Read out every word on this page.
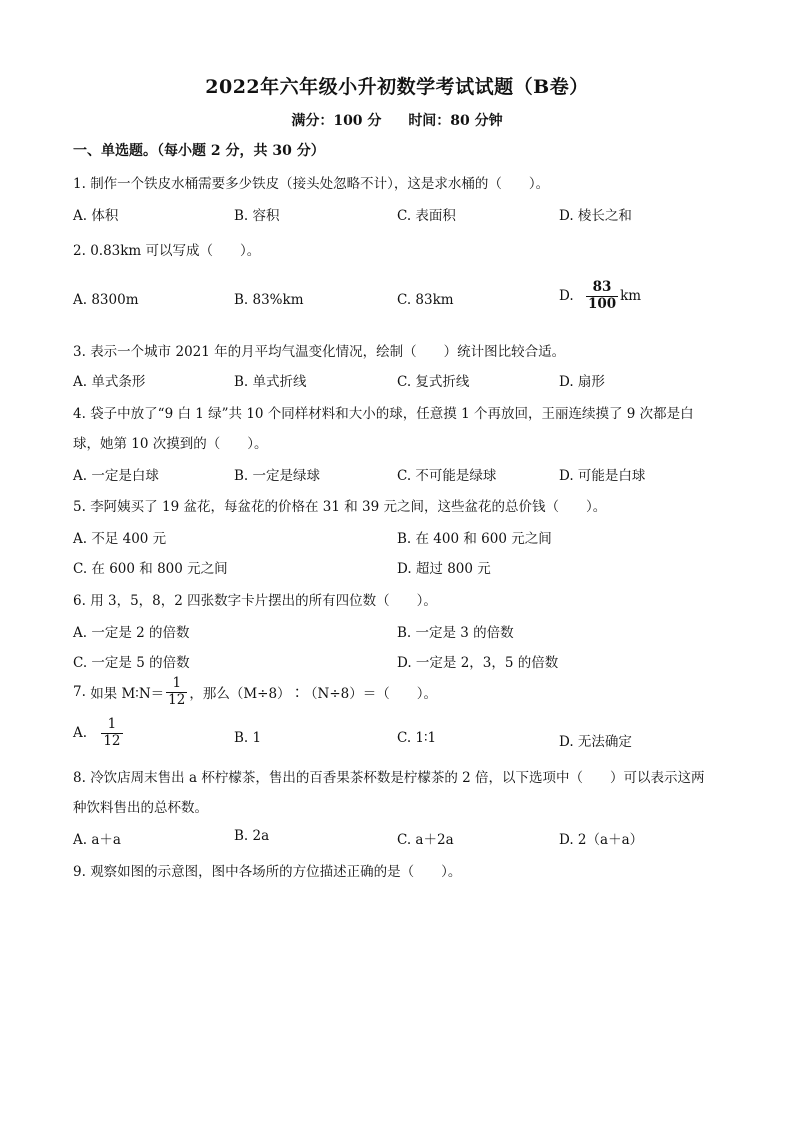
2022年六年级小升初数学考试试题（B卷）
满分：100 分 时间：80 分钟
一、单选题。（每小题 2 分，共 30 分）
1. 制作一个铁皮水桶需要多少铁皮（接头处忽略不计），这是求水桶的（　　）。
A. 体积	B. 容积	C. 表面积	D. 棱长之和
2. 0.83km 可以写成（　　）。
A. 8300m	B. 83%km	C. 83km	D. $\frac{83}{100}$ km
3. 表示一个城市 2021 年的月平均气温变化情况，绘制（　　）统计图比较合适。
A. 单式条形	B. 单式折线	C. 复式折线	D. 扇形
4. 袋子中放了“9 白 1 绿”共 10 个同样材料和大小的球，任意摸 1 个再放回，王丽连续摸了 9 次都是白
球，她第 10 次摸到的（　　）。
A. 一定是白球	B. 一定是绿球	C. 不可能是绿球	D. 可能是白球
5. 李阿姨买了 19 盆花，每盆花的价格在 31 和 39 元之间，这些盆花的总价钱（　　）。
A. 不足 400 元	B. 在 400 和 600 元之间
C. 在 600 和 800 元之间	D. 超过 800 元
6. 用 3，5，8，2 四张数字卡片摆出的所有四位数（　　）。
A. 一定是 2 的倍数	B. 一定是 3 的倍数
C. 一定是 5 的倍数	D. 一定是 2，3，5 的倍数
7. 如果 M∶N＝ $\frac{1}{12}$ ，那么（M÷8）∶（N÷8）＝（　　）。
A. $\frac{1}{12}$	B. 1	C. 1∶1	D. 无法确定
8. 冷饮店周末售出 a 杯柠檬茶，售出的百香果茶杯数是柠檬茶的 2 倍，以下选项中（　　）可以表示这两
种饮料售出的总杯数。
A. a＋a	B. 2a	C. a＋2a	D. 2（a＋a）
9. 观察如图的示意图，图中各场所的方位描述正确的是（　　）。
